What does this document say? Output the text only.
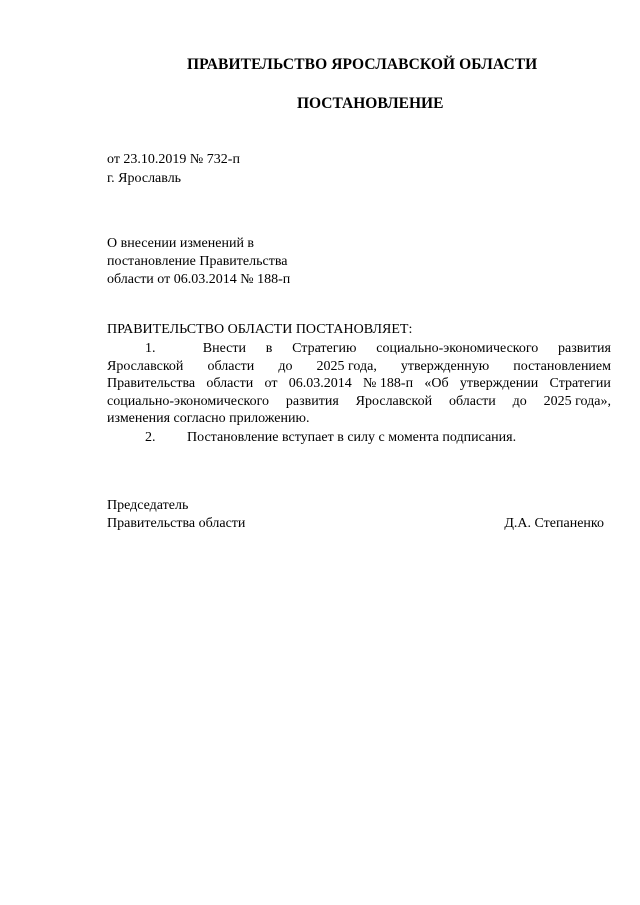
ПРАВИТЕЛЬСТВО ЯРОСЛАВСКОЙ ОБЛАСТИ
ПОСТАНОВЛЕНИЕ
от 23.10.2019 № 732-п
г. Ярославль
О внесении изменений в
постановление Правительства
области от 06.03.2014 № 188-п
ПРАВИТЕЛЬСТВО ОБЛАСТИ ПОСТАНОВЛЯЕТ:
1.	Внести в Стратегию социально-экономического развития
Ярославской области до 2025 года, утвержденную постановлением
Правительства области от 06.03.2014 № 188-п «Об утверждении Стратегии
социально-экономического развития Ярославской области до 2025 года»,
изменения согласно приложению.
2.	Постановление вступает в силу с момента подписания.
Председатель
Правительства области	Д.А. Степаненко
